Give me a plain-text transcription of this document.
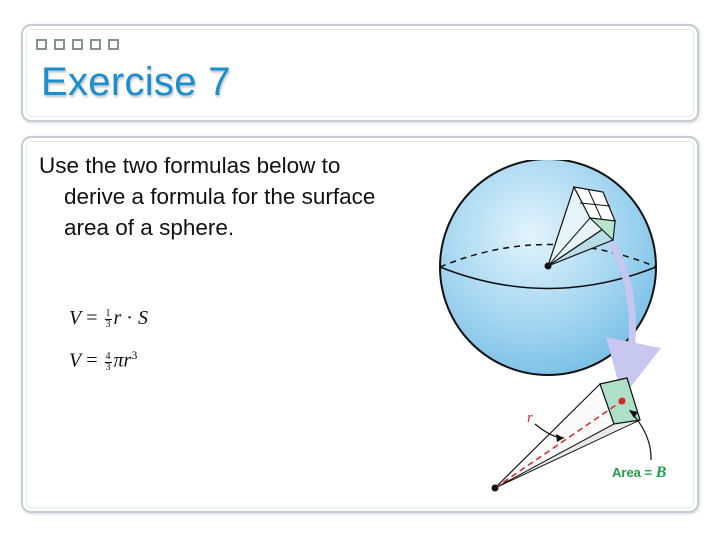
Exercise 7
Use the two formulas below to derive a formula for the surface area of a sphere.
$V = \frac{1}{3}$ r · S
$V = \frac{4}{3} \pi r^3$
r
Area = B
